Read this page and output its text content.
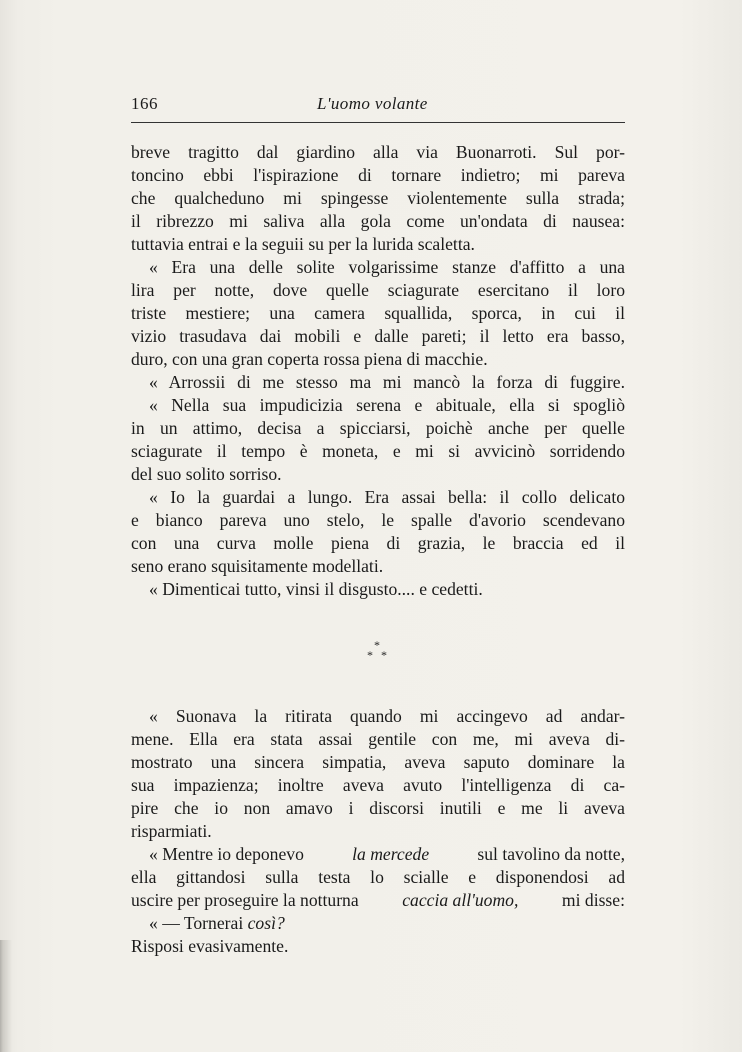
166	L'uomo volante
breve tragitto dal giardino alla via Buonarroti. Sul por-
toncino ebbi l'ispirazione di tornare indietro; mi pareva
che qualcheduno mi spingesse violentemente sulla strada;
il ribrezzo mi saliva alla gola come un'ondata di nausea:
tuttavia entrai e la seguii su per la lurida scaletta.
« Era una delle solite volgarissime stanze d'affitto a una
lira per notte, dove quelle sciagurate esercitano il loro
triste mestiere; una camera squallida, sporca, in cui il
vizio trasudava dai mobili e dalle pareti; il letto era basso,
duro, con una gran coperta rossa piena di macchie.
« Arrossii di me stesso ma mi mancò la forza di fuggire.
« Nella sua impudicizia serena e abituale, ella si spogliò
in un attimo, decisa a spicciarsi, poichè anche per quelle
sciagurate il tempo è moneta, e mi si avvicinò sorridendo
del suo solito sorriso.
« Io la guardai a lungo. Era assai bella: il collo delicato
e bianco pareva uno stelo, le spalle d'avorio scendevano
con una curva molle piena di grazia, le braccia ed il
seno erano squisitamente modellati.
« Dimenticai tutto, vinsi il disgusto.... e cedetti.
*
* *
« Suonava la ritirata quando mi accingevo ad andar-
mene. Ella era stata assai gentile con me, mi aveva di-
mostrato una sincera simpatia, aveva saputo dominare la
sua impazienza; inoltre aveva avuto l'intelligenza di ca-
pire che io non amavo i discorsi inutili e me li aveva
risparmiati.
« Mentre io deponevo	la mercede	sul tavolino da notte,
ella gittandosi sulla testa lo scialle e disponendosi ad
uscire per proseguire la notturna caccia all'uomo, mi disse:
« — Tornerai così?
Risposi evasivamente.
